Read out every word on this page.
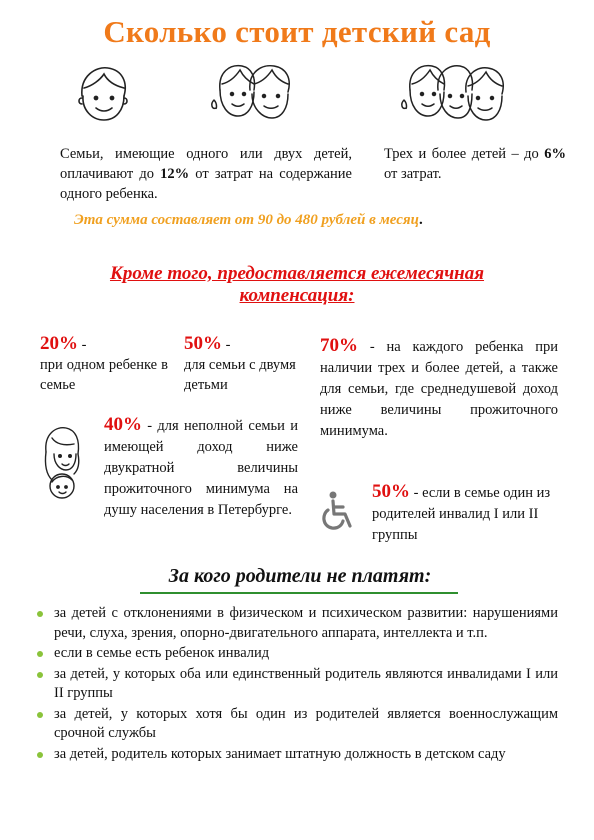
Сколько стоит детский сад
Семьи, имеющие одного или двух детей, оплачивают до 12% от затрат на содержание одного ребенка.
Трех и более детей – до 6% от затрат.
Эта сумма составляет от 90 до 480 рублей в месяц.
Кроме того, предоставляется ежемесячная
компенсация:
20% -
при одном ребенке в семье
50% -
для семьи с двумя детьми
70% - на каждого ребенка при наличии трех и более детей, а также для семьи, где среднедушевой доход ниже величины прожиточного минимума.
40% - для неполной семьи и имеющей доход ниже двукратной величины прожиточного минимума на душу населения в Петербурге.
50% - если в семье один из родителей инвалид I или II группы
За кого родители не платят:
за детей с отклонениями в физическом и психическом развитии: нарушениями речи, слуха, зрения, опорно-двигательного аппарата, интеллекта и т.п.
если в семье есть ребенок инвалид
за детей, у которых оба или единственный родитель являются инвалидами I или II группы
за детей, у которых хотя бы один из родителей является военнослужащим срочной службы
за детей, родитель которых занимает штатную должность в детском саду
